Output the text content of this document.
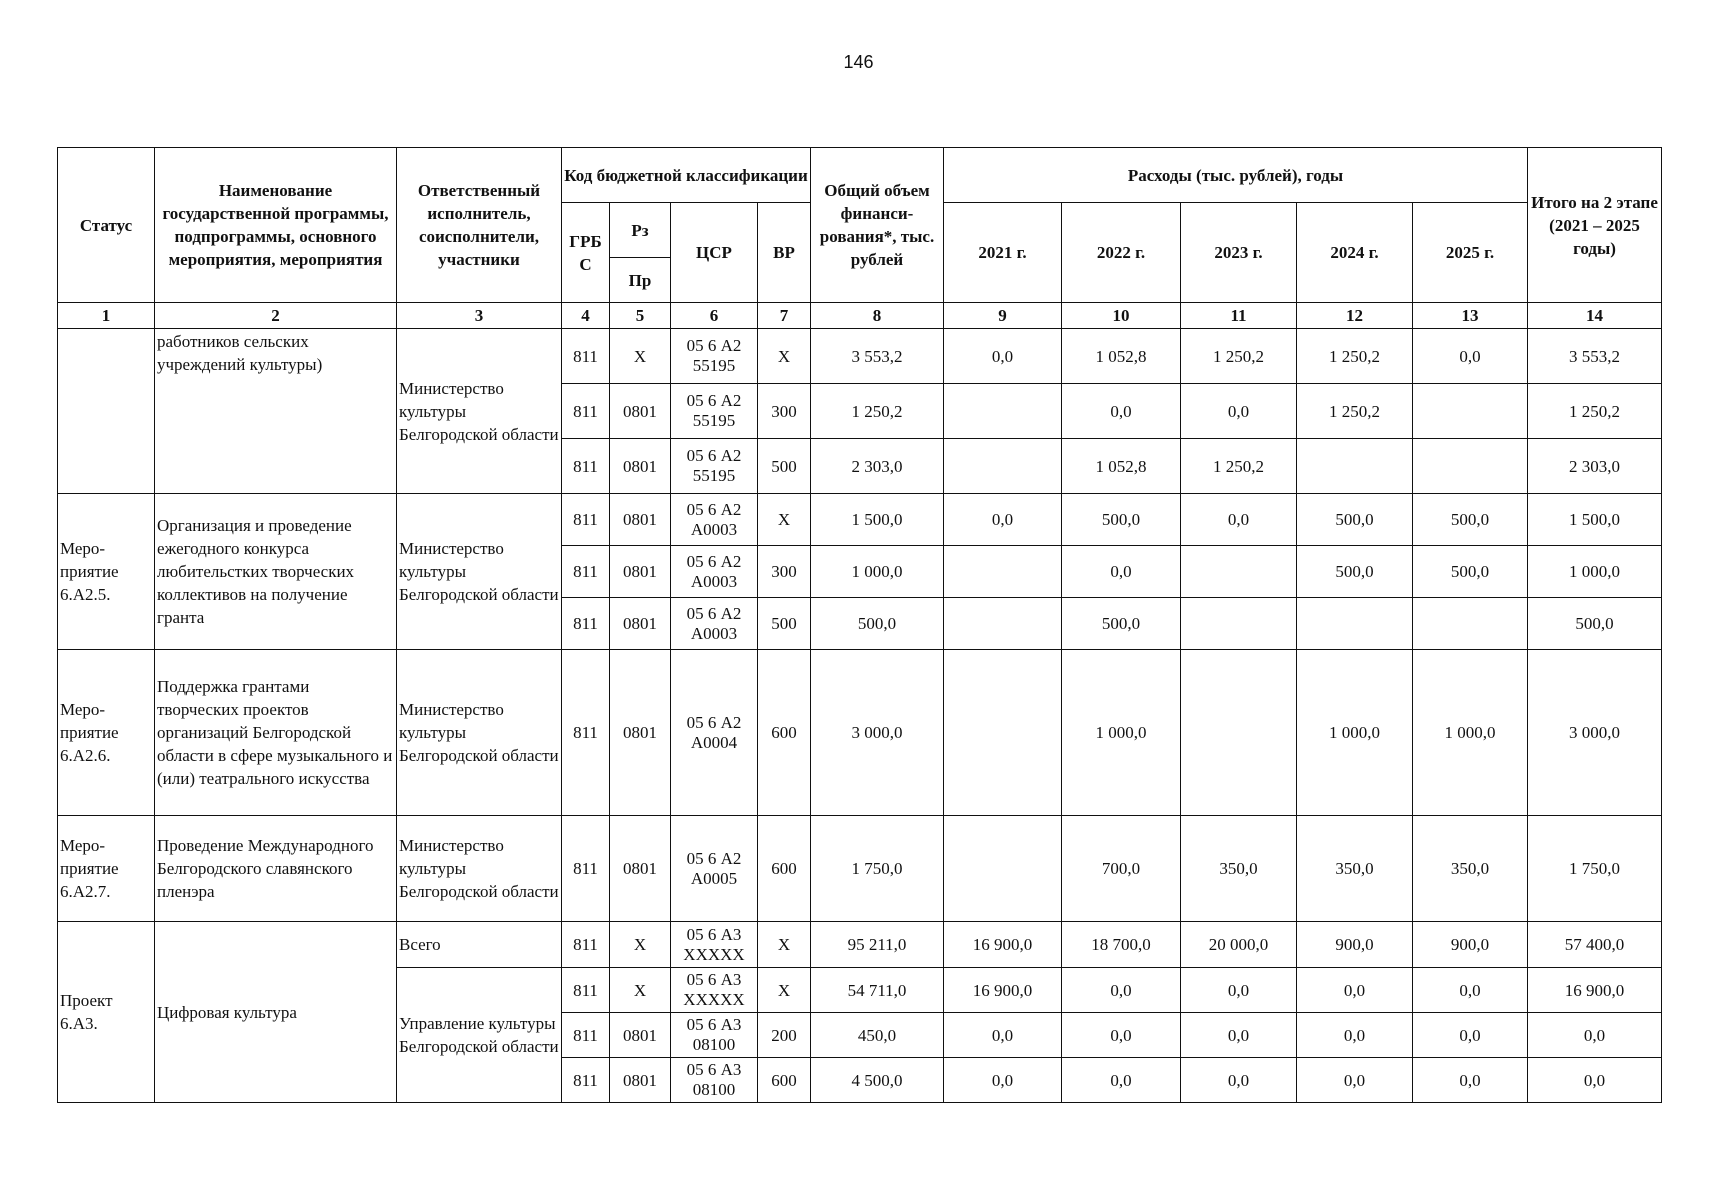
146
Статус	Наименование государственной программы, подпрограммы, основного мероприятия, мероприятия	Ответственный исполнитель, соисполнители, участники	Код бюджетной классификации				Общий объем финанси-рования*, тыс. рублей	Расходы (тыс. рублей), годы					Итого на 2 этапе (2021 – 2025 годы)
			ГРБС	Рз	ЦСР	ВР		2021 г.	2022 г.	2023 г.	2024 г.	2025 г.	
				Пр									
1	2	3	4	5	6	7	8	9	10	11	12	13	14
	работников сельских учреждений культуры)	Министерство культуры Белгородской области	811	Х	05 6 А2 55195	Х	3 553,2	0,0	1 052,8	1 250,2	1 250,2	0,0	3 553,2
			811	0801	05 6 А2 55195	300	1 250,2		0,0	0,0	1 250,2		1 250,2
			811	0801	05 6 А2 55195	500	2 303,0		1 052,8	1 250,2			2 303,0
Меро-приятие 6.А2.5.	Организация и проведение ежегодного конкурса любительстких творческих коллективов на получение гранта	Министерство культуры Белгородской области	811	0801	05 6 А2 А0003	Х	1 500,0	0,0	500,0	0,0	500,0	500,0	1 500,0
			811	0801	05 6 А2 А0003	300	1 000,0		0,0		500,0	500,0	1 000,0
			811	0801	05 6 А2 А0003	500	500,0		500,0				500,0
Меро-приятие 6.А2.6.	Поддержка грантами творческих проектов организаций Белгородской области в сфере музыкального и (или) театрального искусства	Министерство культуры Белгородской области	811	0801	05 6 А2 А0004	600	3 000,0		1 000,0		1 000,0	1 000,0	3 000,0
Меро-приятие 6.А2.7.	Проведение Международного Белгородского славянского пленэра	Министерство культуры Белгородской области	811	0801	05 6 А2 А0005	600	1 750,0		700,0	350,0	350,0	350,0	1 750,0
Проект 6.А3.	Цифровая культура	Всего	811	Х	05 6 А3 ХХХХХ	Х	95 211,0	16 900,0	18 700,0	20 000,0	900,0	900,0	57 400,0
		Управление культуры Белгородской области	811	Х	05 6 А3 ХХХХХ	Х	54 711,0	16 900,0	0,0	0,0	0,0	0,0	16 900,0
			811	0801	05 6 А3 08100	200	450,0	0,0	0,0	0,0	0,0	0,0	0,0
			811	0801	05 6 А3 08100	600	4 500,0	0,0	0,0	0,0	0,0	0,0	0,0
